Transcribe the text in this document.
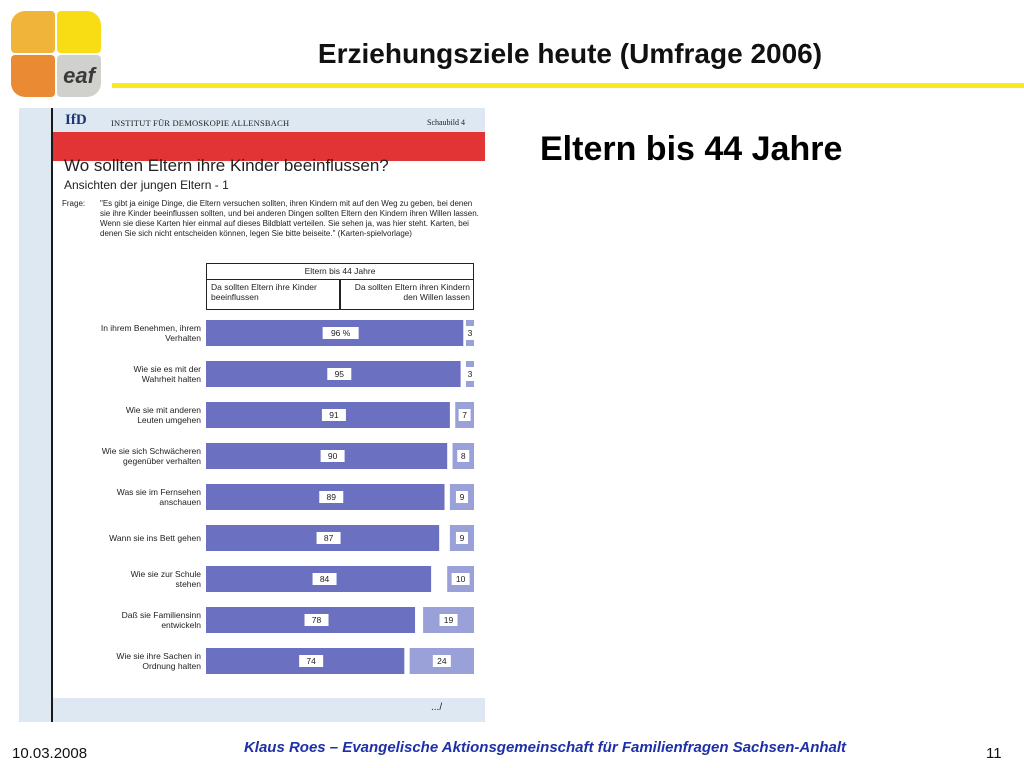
eaf
Erziehungsziele heute (Umfrage 2006)
Eltern bis 44 Jahre
IfD	INSTITUT FÜR DEMOSKOPIE ALLENSBACH	Schaubild 4
Wo sollten Eltern ihre Kinder beeinflussen?
Ansichten der jungen Eltern - 1
Frage: "Es gibt ja einige Dinge, die Eltern versuchen sollten, ihren Kindern mit auf den Weg zu geben, bei denen sie ihre Kinder beeinflussen sollten, und bei anderen Dingen sollten Eltern den Kindern ihren Willen lassen. Wenn sie diese Karten hier einmal auf dieses Bildblatt verteilen. Sie sehen ja, was hier steht. Karten, bei denen Sie sich nicht entscheiden können, legen Sie bitte beiseite." (Karten-spielvorlage)
Eltern bis 44 Jahre
Da sollten Eltern ihre Kinder beeinflussen
Da sollten Eltern ihren Kindern den Willen lassen
In ihrem Benehmen, ihrem Verhalten	96 %	3
Wie sie es mit der Wahrheit halten	95	3
Wie sie mit anderen Leuten umgehen	91	7
Wie sie sich Schwächeren gegenüber verhalten	90	8
Was sie im Fernsehen anschauen	89	9
Wann sie ins Bett gehen	87	9
Wie sie zur Schule stehen	84	10
Daß sie Familiensinn entwickeln	78	19
Wie sie ihre Sachen in Ordnung halten	74	24
.../
10.03.2008	Klaus Roes – Evangelische Aktionsgemeinschaft für Familienfragen Sachsen-Anhalt	11
